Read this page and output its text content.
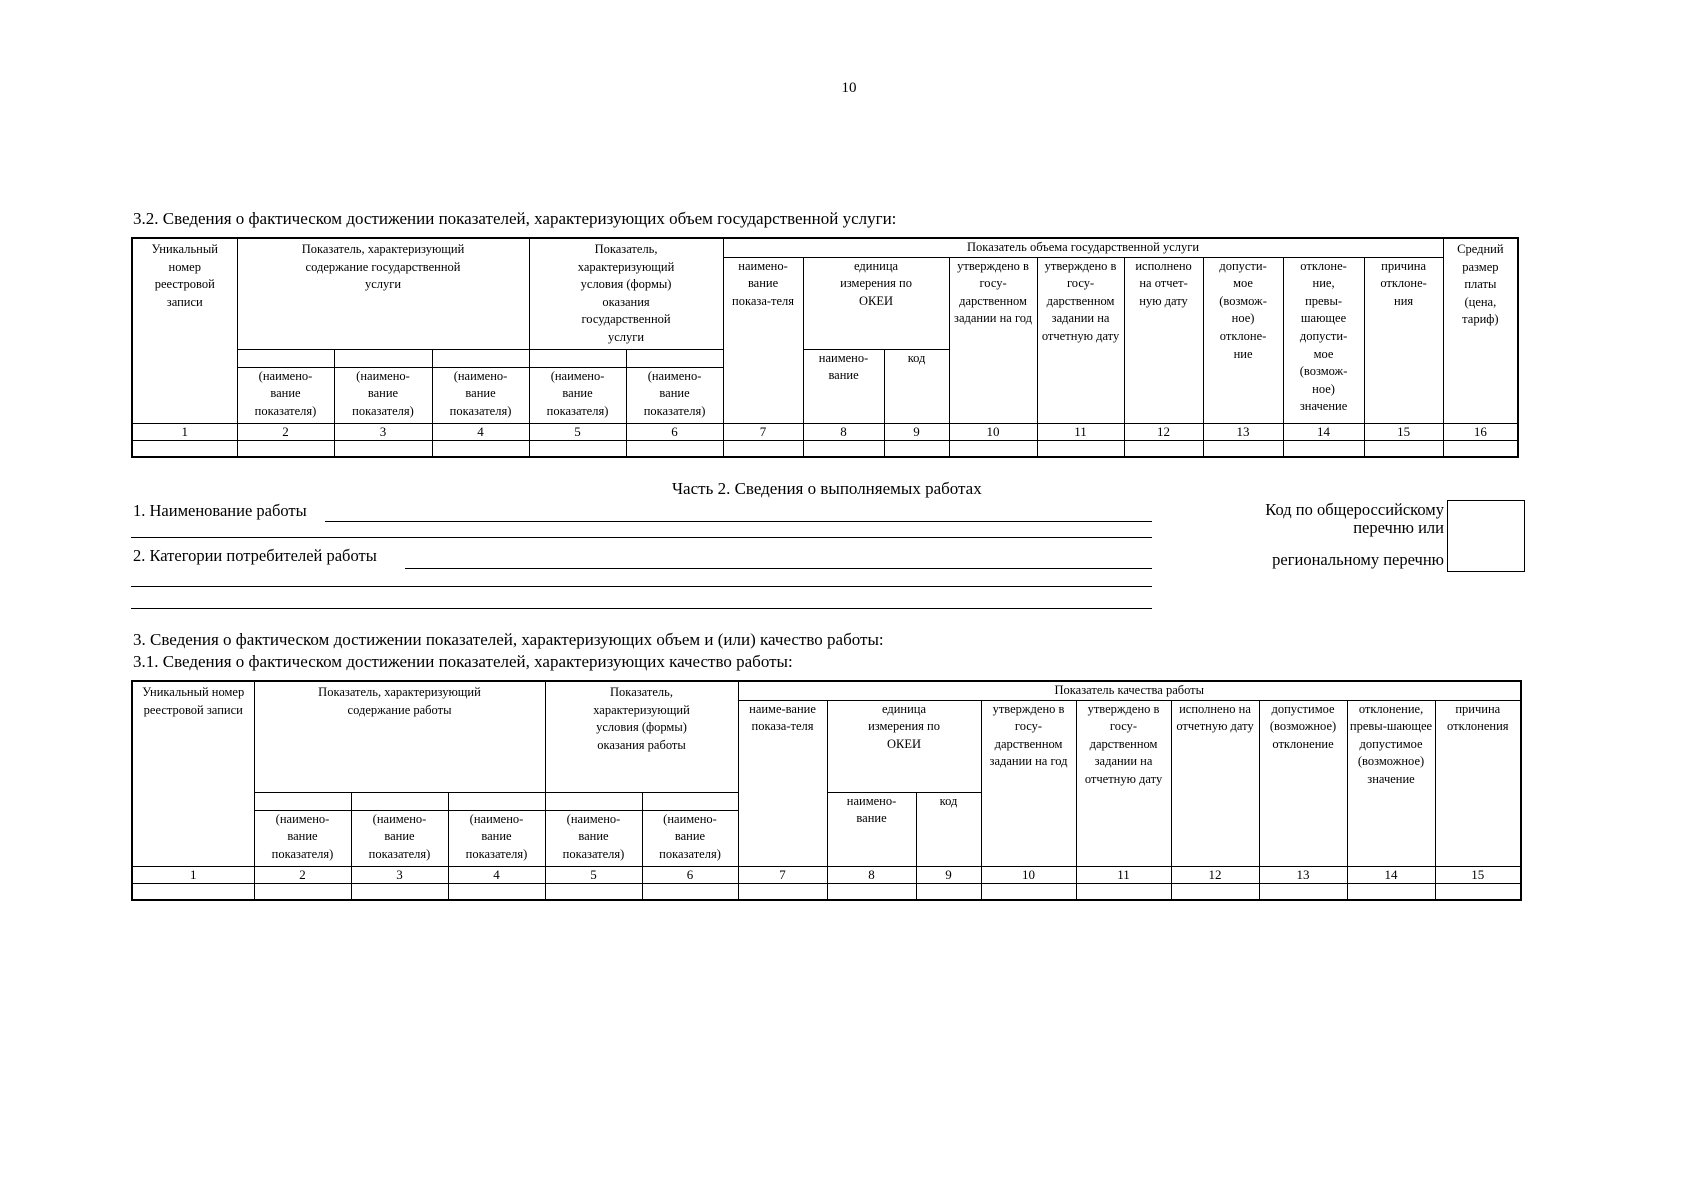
10
3.2. Сведения о фактическом достижении показателей, характеризующих объем государственной услуги:
Уникальный номер реестровой записи	Показатель, характеризующий содержание государственной услуги			Показатель, характеризующий условия (формы) оказания государственной услуги		Показатель объема государственной услуги									Средний размер платы (цена, тариф)
						наимено-вание показа-теля	единица измерения по ОКЕИ		утверждено в госу-дарственном задании на год	утверждено в госу-дарственном задании на отчетную дату	исполнено на отчет-ную дату	допусти-мое (возмож-ное) отклоне-ние	отклоне-ние, превы-шающее допусти-мое (возмож-ное) значение	причина отклоне-ния	
							наимено-вание	код							
	(наимено-вание показателя)	(наимено-вание показателя)	(наимено-вание показателя)	(наимено-вание показателя)	(наимено-вание показателя)										
1	2	3	4	5	6	7	8	9	10	11	12	13	14	15	16

Часть 2. Сведения о выполняемых работах
1. Наименование работы
2. Категории потребителей работы
Код по общероссийскому
перечню или
региональному перечню
3. Сведения о фактическом достижении показателей, характеризующих объем и (или) качество работы:
3.1. Сведения о фактическом достижении показателей, характеризующих качество работы:
Уникальный номер реестровой записи	Показатель, характеризующий содержание работы			Показатель, характеризующий условия (формы) оказания работы		Показатель качества работы								
						наиме-вание показа-теля	единица измерения по ОКЕИ		утверждено в госу-дарственном задании на год	утверждено в госу-дарственном задании на отчетную дату	исполнено на отчетную дату	допустимое (возможное) отклонение	отклонение, превы-шающее допустимое (возможное) значение	причина отклонения
							наимено-вание	код						
	(наимено-вание показателя)	(наимено-вание показателя)	(наимено-вание показателя)	(наимено-вание показателя)	(наимено-вание показателя)									
1	2	3	4	5	6	7	8	9	10	11	12	13	14	15
